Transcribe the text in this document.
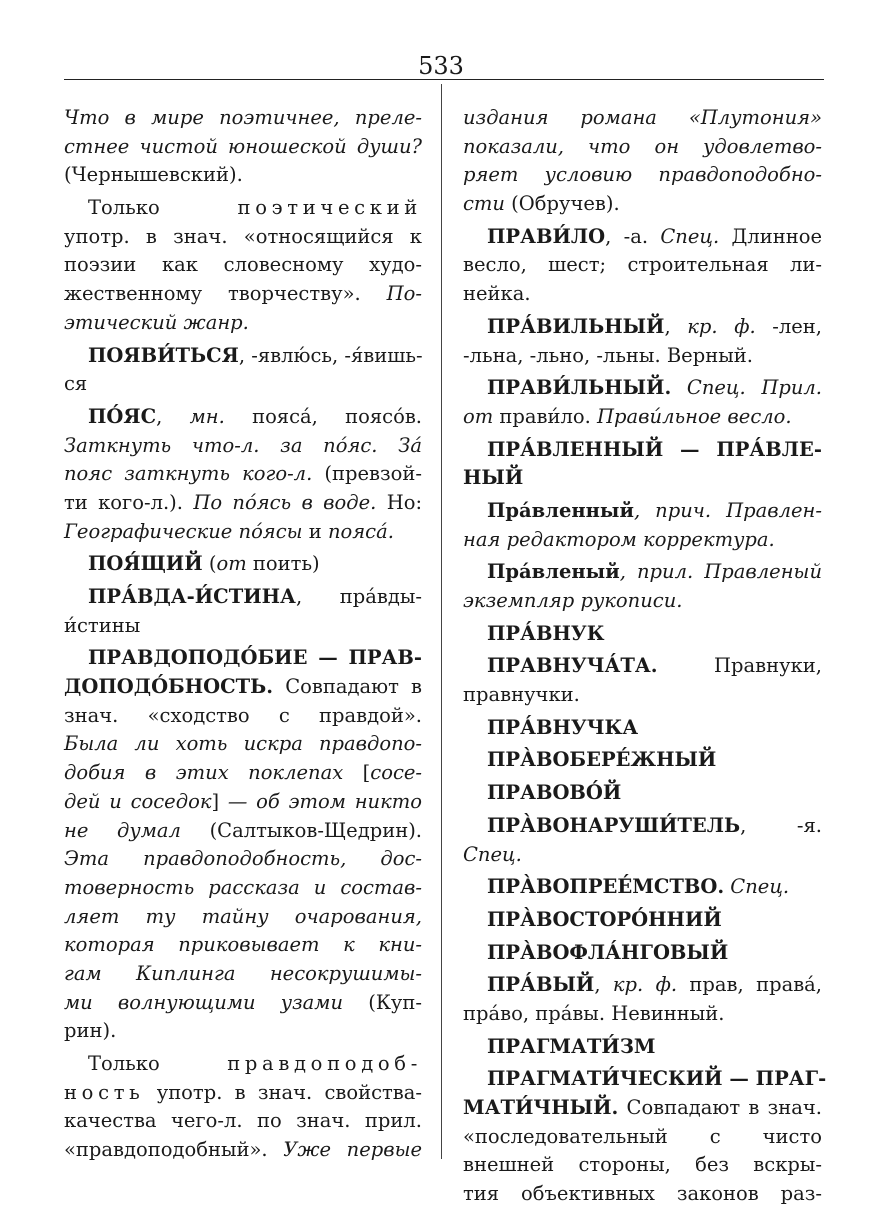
533
Что в мире поэтичнее, преле-
стнее чистой юношеской души?
(Чернышевский).
Только поэтический
употр. в знач. «относящийся к
поэзии как словесному худо-
жественному творчеству». По-
этический жанр.
ПОЯВИ́ТЬСЯ, -явлю́сь, -я́вишь-
ся
ПО́ЯС, мн. пояса́, поясо́в.
Заткнуть что-л. за по́яс. За́
пояс заткнуть кого-л. (превзой-
ти кого-л.). По по́ясь в воде. Но:
Географические по́ясы и пояса́.
ПОЯ́ЩИЙ (от поить)
ПРА́ВДА-И́СТИНА, пра́вды-
и́стины
ПРАВДОПОДО́БИЕ — ПРАВ-
ДОПОДО́БНОСТЬ. Совпадают в
знач. «сходство с правдой».
Была ли хоть искра правдопо-
добия в этих поклепах [сосе-
дей и соседок] — об этом никто
не думал (Салтыков-Щедрин).
Эта правдоподобность, дос-
товерность рассказа и состав-
ляет ту тайну очарования,
которая приковывает к кни-
гам Киплинга несокрушимы-
ми волнующими узами (Куп-
рин).
Только правдоподоб-
ность употр. в знач. свойства-
качества чего-л. по знач. прил.
«правдоподобный». Уже первые
издания романа «Плутония»
показали, что он удовлетво-
ряет условию правдоподобно-
сти (Обручев).
ПРАВИ́ЛО, -а. Спец. Длинное
весло, шест; строительная ли-
нейка.
ПРА́ВИЛЬНЫЙ, кр. ф. -лен,
-льна, -льно, -льны. Верный.
ПРАВИ́ЛЬНЫЙ. Спец. Прил.
от прави́ло. Прави́льное весло.
ПРА́ВЛЕННЫЙ — ПРА́ВЛЕ-
НЫЙ
Пра́вленный, прич. Правлен-
ная редактором корректура.
Пра́вленый, прил. Правленый
экземпляр рукописи.
ПРА́ВНУК
ПРАВНУЧА́ТА. Правнуки,
правнучки.
ПРА́ВНУЧКА
ПРА̀ВОБЕРЕ́ЖНЫЙ
ПРАВОВО́Й
ПРА̀ВОНАРУШИ́ТЕЛЬ, -я.
Спец.
ПРА̀ВОПРЕЕ́МСТВО. Спец.
ПРА̀ВОСТОРО́ННИЙ
ПРА̀ВОФЛА́НГОВЫЙ
ПРА́ВЫЙ, кр. ф. прав, права́,
пра́во, пра́вы. Невинный.
ПРАГМАТИ́ЗМ
ПРАГМАТИ́ЧЕСКИЙ — ПРАГ-
МАТИ́ЧНЫЙ. Совпадают в знач.
«последовательный с чисто
внешней стороны, без вскры-
тия объективных законов раз-
